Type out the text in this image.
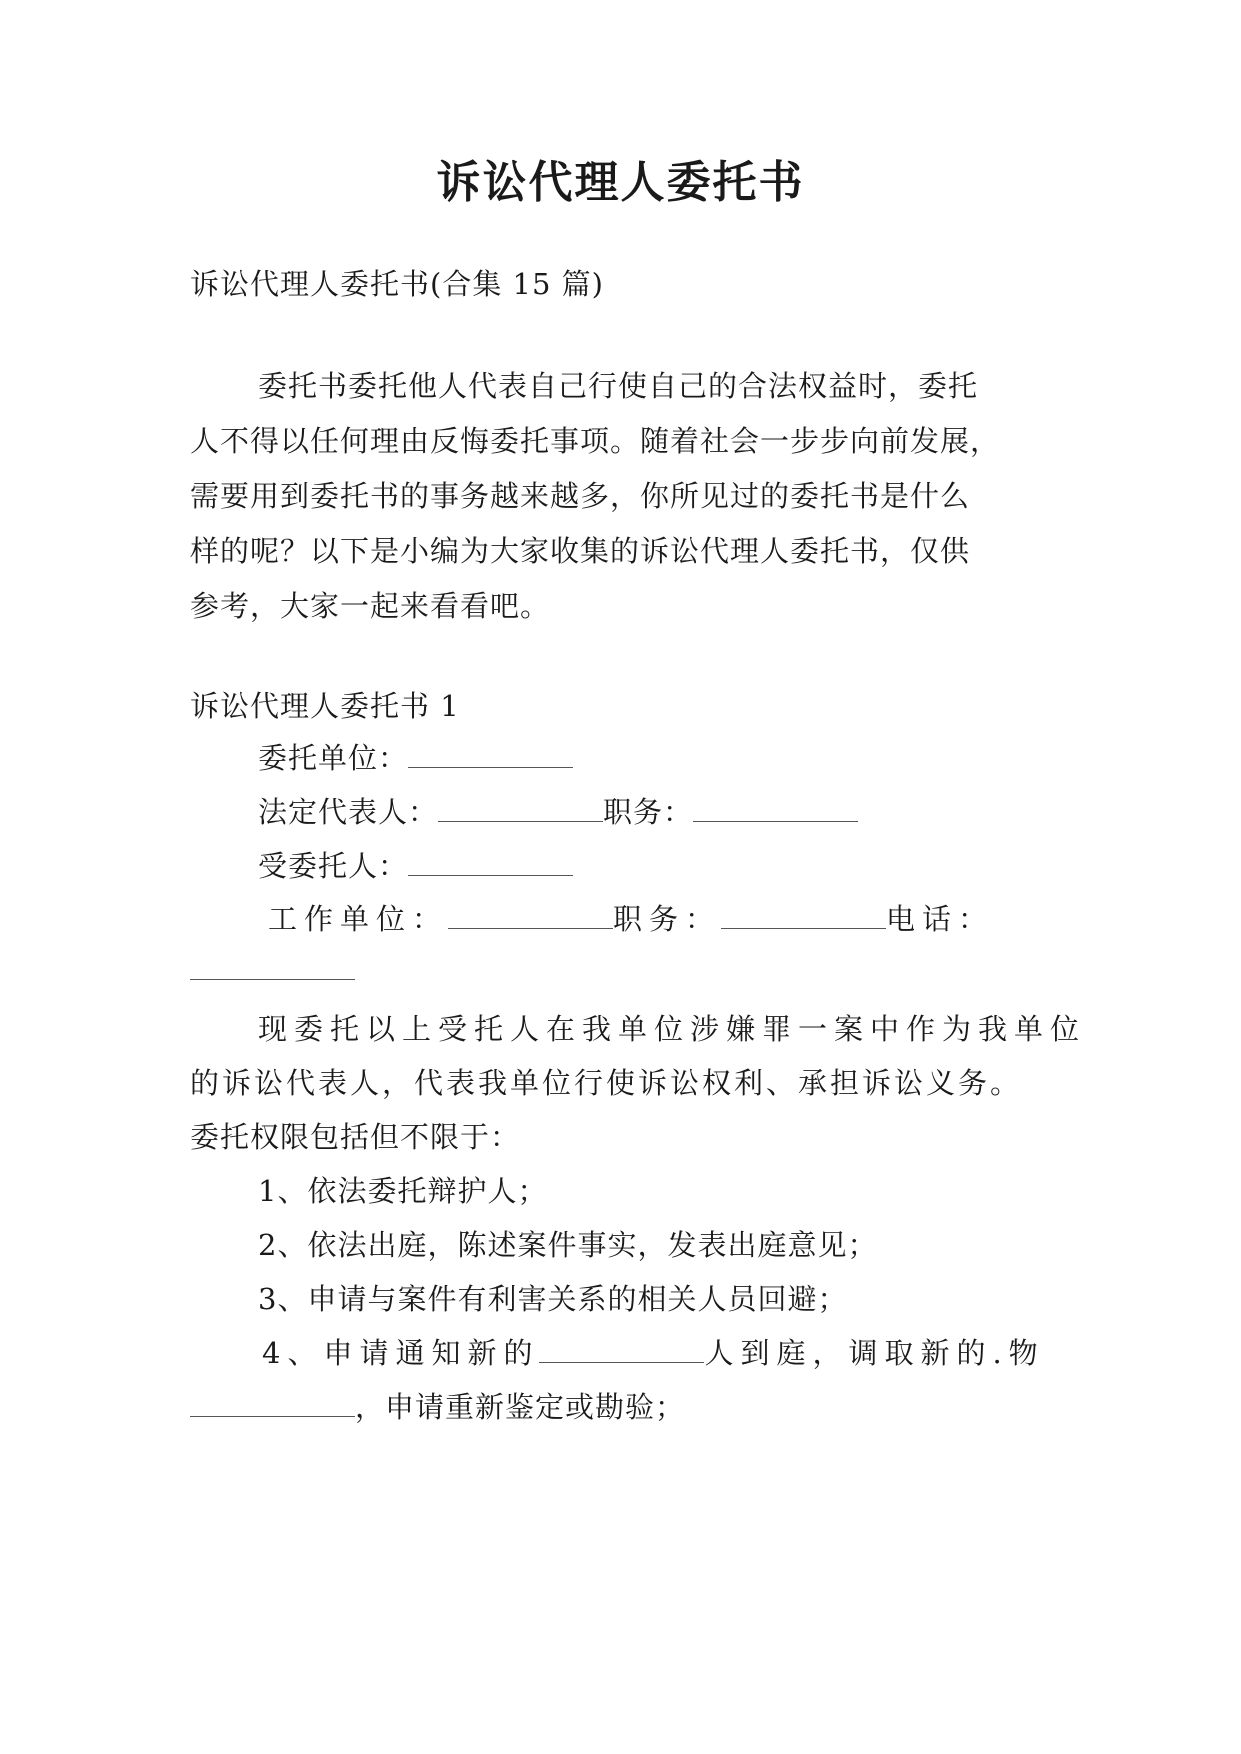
诉讼代理人委托书
诉讼代理人委托书(合集 15 篇)
委托书委托他人代表自己行使自己的合法权益时，委托
人不得以任何理由反悔委托事项。随着社会一步步向前发展，
需要用到委托书的事务越来越多，你所见过的委托书是什么
样的呢？以下是小编为大家收集的诉讼代理人委托书，仅供
参考，大家一起来看看吧。
诉讼代理人委托书 1
委托单位：
法定代表人：	职务：
受委托人：
工作单位：	职务：	电话：
现委托以上受托人在我单位涉嫌罪一案中作为我单位
的诉讼代表人，代表我单位行使诉讼权利、承担诉讼义务。
委托权限包括但不限于：
1、依法委托辩护人；
2、依法出庭，陈述案件事实，发表出庭意见；
3、申请与案件有利害关系的相关人员回避；
4、申请通知新的	人到庭，调取新的.物
，申请重新鉴定或勘验；
